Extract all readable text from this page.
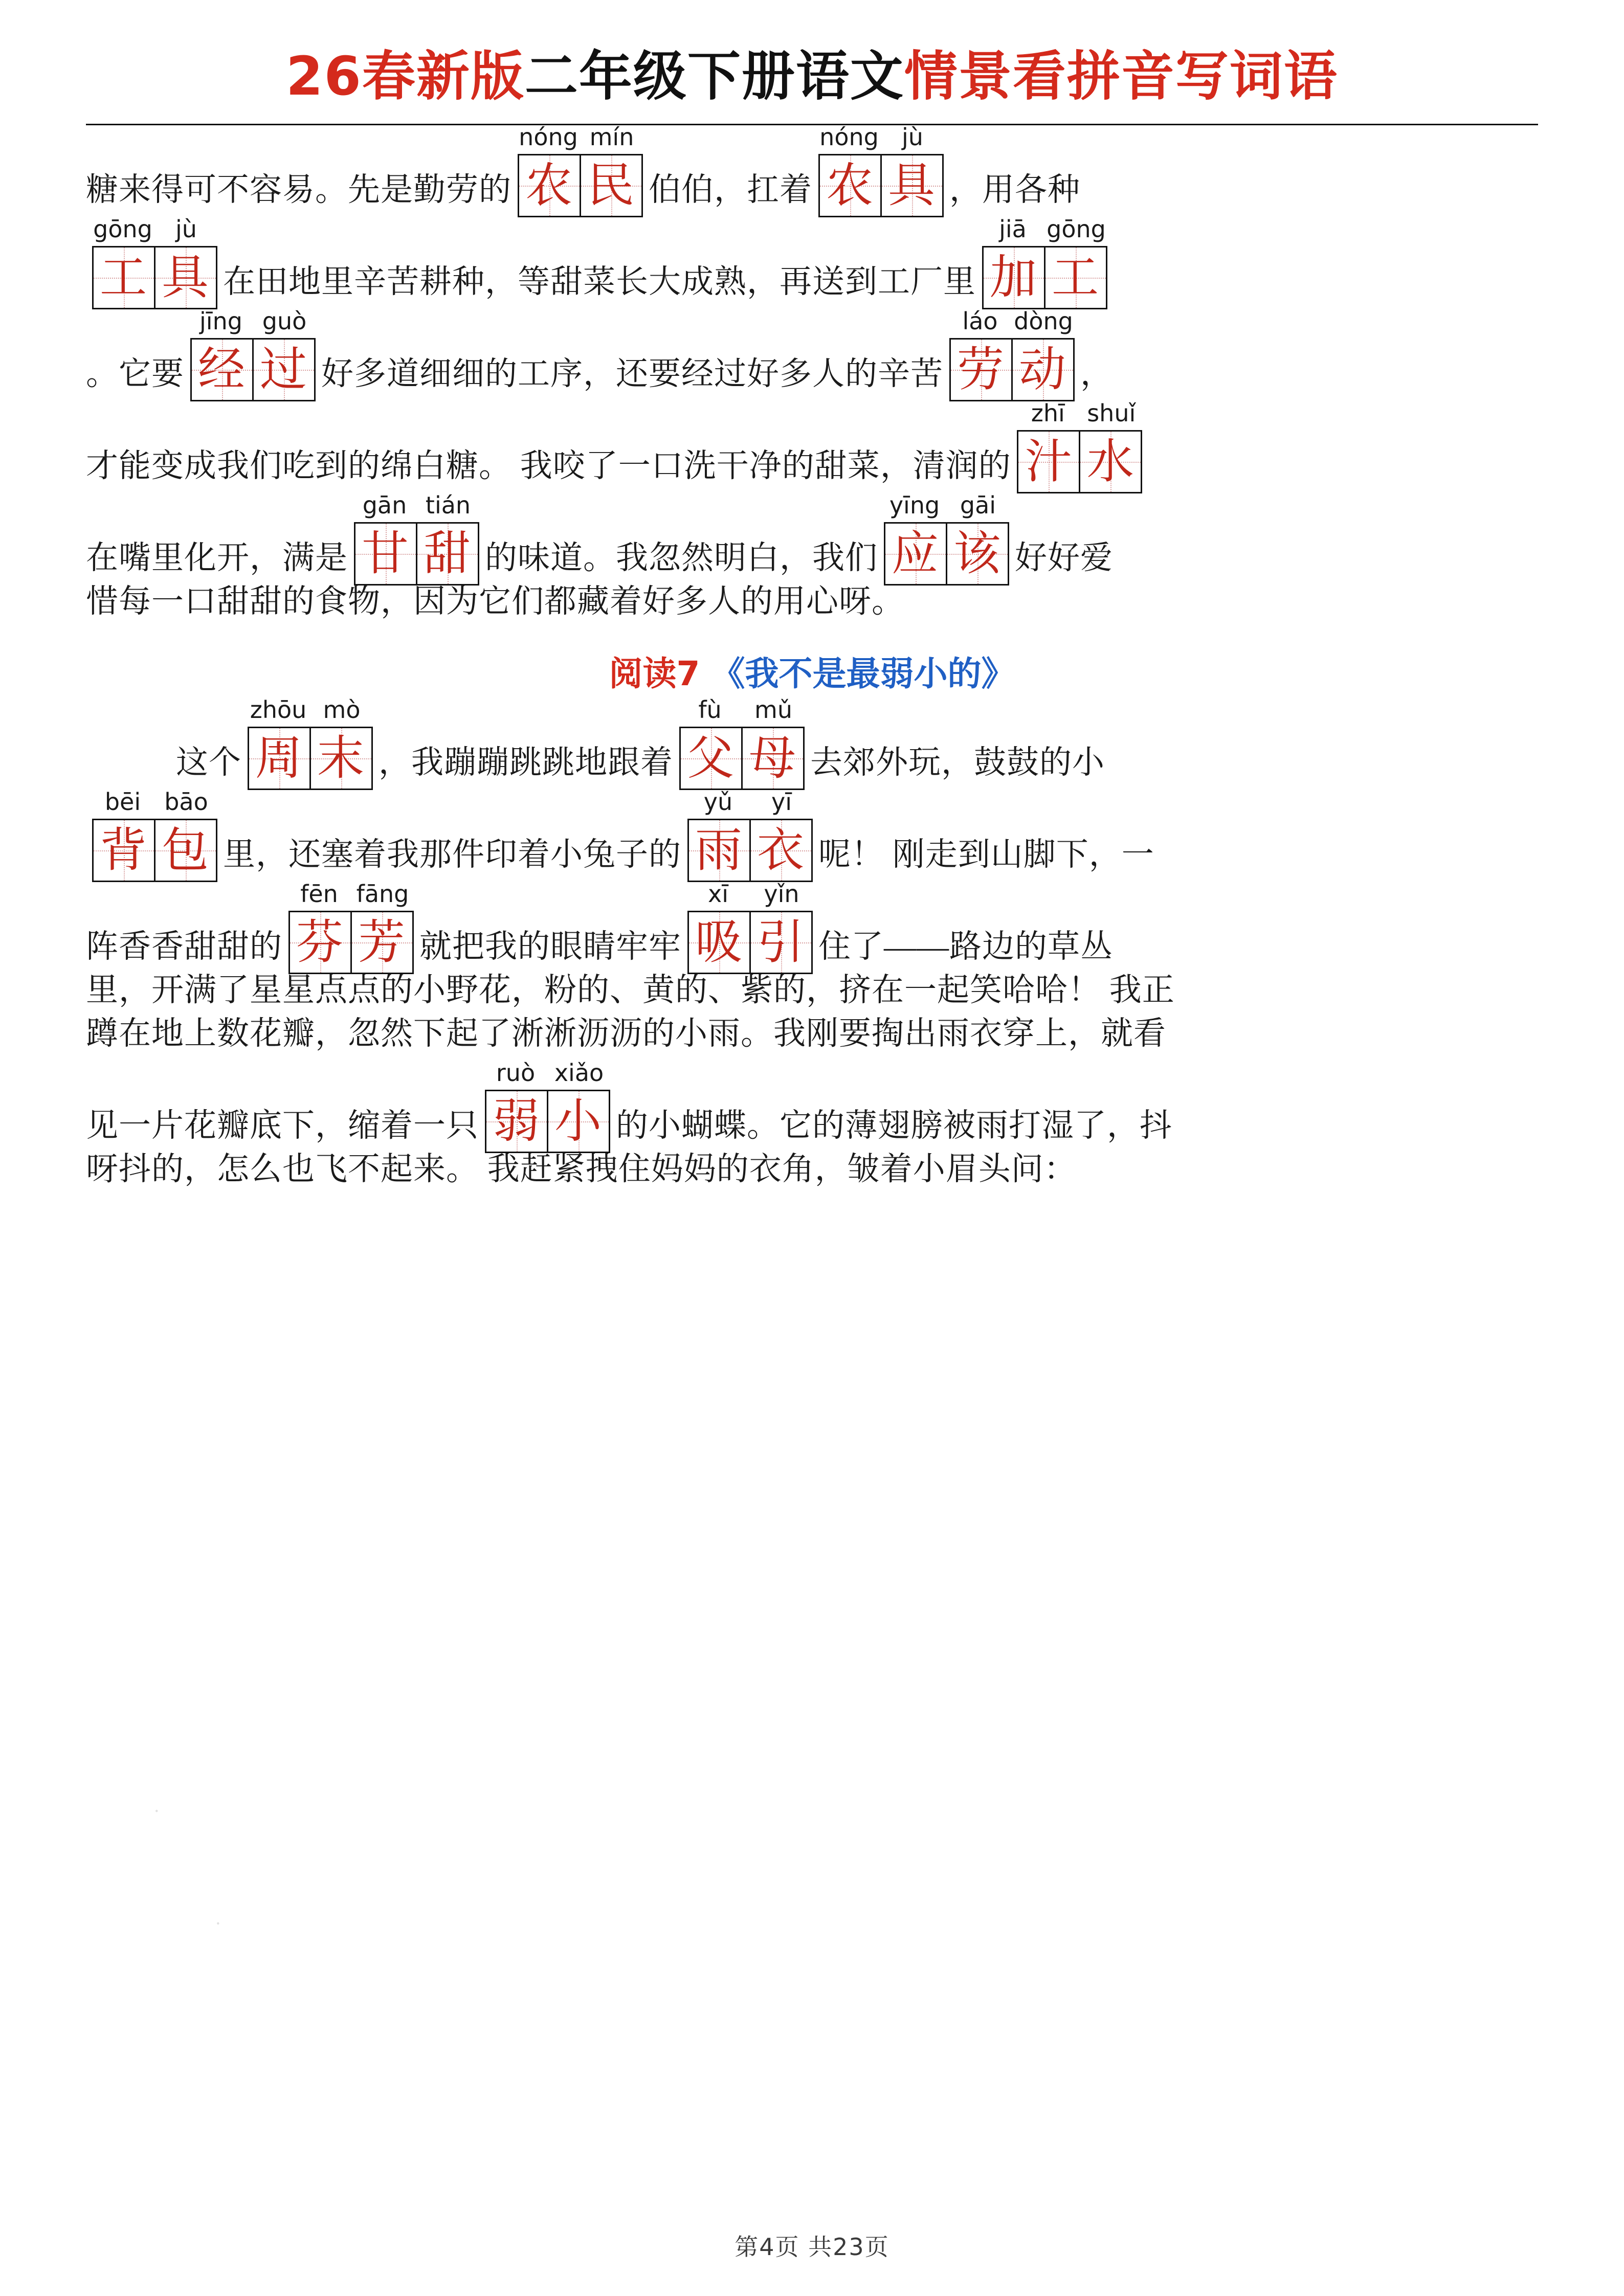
26春新版二年级下册语文情景看拼音写词语
糖来得可不容易。先是勤劳的
nóng mín
农 民 伯伯，扛着
nóng jù
农 具 ，用各种
gōng jù
工 具 在田地里辛苦耕种，等甜菜长大成熟，再送到工厂里
jiā gōng
加 工
。它要
jīng guò
经 过 好多道细细的工序，还要经过好多人的辛苦
láo dòng
劳 动 ，
才能变成我们吃到的绵白糖。 我咬了一口洗干净的甜菜，清润的
zhī shuǐ
汁 水
在嘴里化开，满是
gān tián
甘 甜 的味道。我忽然明白，我们
yīng gāi
应 该 好好爱
惜每一口甜甜的食物，因为它们都藏着好多人的用心呀。
阅读7 《我不是最弱小的》
这个
zhōu mò
周 末 ，我蹦蹦跳跳地跟着
fù	mǔ
父 母 去郊外玩，鼓鼓的小
bēi	bāo
背 包 里，还塞着我那件印着小兔子的
yǔ	yī
雨 衣 呢！ 刚走到山脚下，一
阵香香甜甜的
fēn fāng
芬 芳 就把我的眼睛牢牢
xī	yǐn
吸 引 住了——路边的草丛
里，开满了星星点点的小野花，粉的、黄的、紫的，挤在一起笑哈哈！ 我正
蹲在地上数花瓣，忽然下起了淅淅沥沥的小雨。我刚要掏出雨衣穿上，就看
见一片花瓣底下，缩着一只
ruò xiǎo
弱 小 的小蝴蝶。它的薄翅膀被雨打湿了，抖
呀抖的，怎么也飞不起来。 我赶紧拽住妈妈的衣角，皱着小眉头问：
·
·
第4页 共23页
